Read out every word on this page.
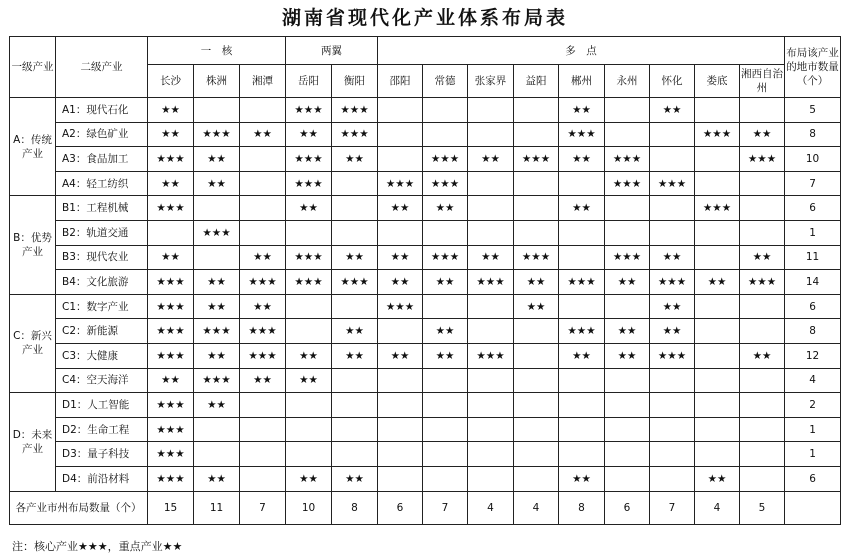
湖南省现代化产业体系布局表
一级产业	二级产业	一　核			两翼		多　点									布局该产业的地市数量（个）
		长沙	株洲	湘潭	岳阳	衡阳	邵阳	常德	张家界	益阳	郴州	永州	怀化	娄底	湘西自治州	
A：传统产业	A1：现代石化	★★			★★★	★★★					★★		★★			5
	A2：绿色矿业	★★	★★★	★★	★★	★★★					★★★			★★★	★★	8
	A3：食品加工	★★★	★★		★★★	★★		★★★	★★	★★★	★★	★★★			★★★	10
	A4：轻工纺织	★★	★★		★★★		★★★	★★★				★★★	★★★			7
B：优势产业	B1：工程机械	★★★			★★		★★	★★			★★			★★★		6
	B2：轨道交通		★★★													1
	B3：现代农业	★★		★★	★★★	★★	★★	★★★	★★	★★★		★★★	★★		★★	11
	B4：文化旅游	★★★	★★	★★★	★★★	★★★	★★	★★	★★★	★★	★★★	★★	★★★	★★	★★★	14
C：新兴产业	C1：数字产业	★★★	★★	★★			★★★			★★			★★			6
	C2：新能源	★★★	★★★	★★★		★★		★★			★★★	★★	★★			8
	C3：大健康	★★★	★★	★★★	★★	★★	★★	★★	★★★		★★	★★	★★★		★★	12
	C4：空天海洋	★★	★★★	★★	★★											4
D：未来产业	D1：人工智能	★★★	★★													2
	D2：生命工程	★★★														1
	D3：量子科技	★★★														1
	D4：前沿材料	★★★	★★		★★	★★					★★			★★		6
各产业市州布局数量（个）		15	11	7	10	8	6	7	4	4	8	6	7	4	5	
注：核心产业★★★，重点产业★★
